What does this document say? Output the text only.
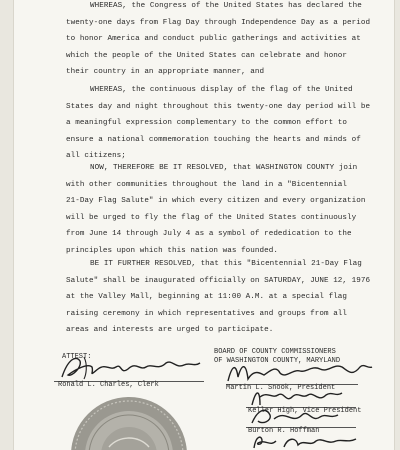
WHEREAS, the Congress of the United States has declared the
twenty-one days from Flag Day through Independence Day as a period
to honor America and conduct public gatherings and activities at
which the people of the United States can celebrate and honor
their country in an appropriate manner, and
WHEREAS, the continuous display of the flag of the United
States day and night throughout this twenty-one day period will be
a meaningful expression complementary to the common effort to
ensure a national commemoration touching the hearts and minds of
all citizens;
NOW, THEREFORE BE IT RESOLVED, that WASHINGTON COUNTY join
with other communities throughout the land in a "Bicentennial
21-Day Flag Salute" in which every citizen and every organization
will be urged to fly the flag of the United States continuously
from June 14 through July 4 as a symbol of rededication to the
principles upon which this nation was founded.
BE IT FURTHER RESOLVED, that this "Bicentennial 21-Day Flag
Salute" shall be inaugurated officially on SATURDAY, JUNE 12, 1976
at the Valley Mall, beginning at 11:00 A.M. at a special flag
raising ceremony in which representatives and groups from all
areas and interests are urged to participate.
ATTEST:
BOARD OF COUNTY COMMISSIONERS
OF WASHINGTON COUNTY, MARYLAND
Ronald L. Charles, Clerk	Martin L. Snook, President
Keller High, Vice President
Burton R. Hoffman
